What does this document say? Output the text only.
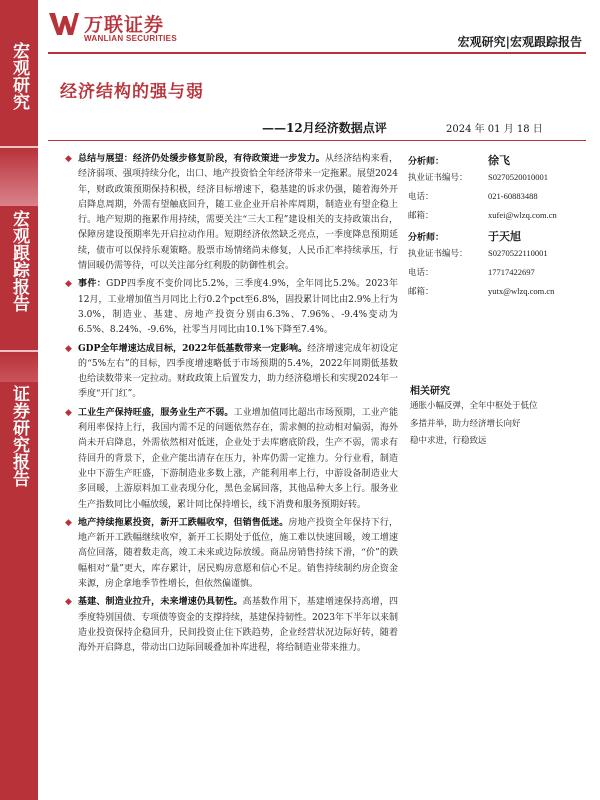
宏观研究
宏观跟踪报告
证券研究报告
万联证券
WANLIAN SECURITIES	宏观研究|宏观跟踪报告
经济结构的强与弱
——12月经济数据点评	2024 年 01 月 18 日
◆ 总结与展望：经济仍处缓步修复阶段，有待政策进一步发力。从经济结构来看，经济弱项、强项持续分化，出口、地产投资恰全年经济带来一定拖累。展望2024年，财政政策预期保持积极，经济目标增速下，稳基建的诉求仍强，随着海外开启降息周期，外需有望触底回升，随工业企业开启补库周期，制造业有望企稳上行。地产短期的拖累作用持续，需要关注“三大工程”建设相关的支持政策出台，保障房建设预期率先开启拉动作用。短期经济依然缺乏亮点，一季度降息预期延续，债市可以保持乐观策略。股票市场情绪尚未修复，人民币汇率持续承压，行情回暖仍需等待，可以关注部分红利股的防御性机会。
◆ 事件：GDP四季度不变价同比5.2%，三季度4.9%，全年同比5.2%。2023年12月，工业增加值当月同比上行0.2个pct至6.8%，固投累计同比由2.9%上行为3.0%，制造业、基建、房地产投资分别由6.3%、7.96%、-9.4%变动为6.5%、8.24%、-9.6%，社零当月同比由10.1%下降至7.4%。
◆ GDP全年增速达成目标，2022年低基数带来一定影响。经济增速完成年初设定的“5%左右”的目标，四季度增速略低于市场预期的5.4%，2022年同期低基数也给读数带来一定拉动。财政政策上后置发力，助力经济稳增长和实现2024年一季度“开门红”。
◆ 工业生产保持旺盛，服务业生产不弱。工业增加值同比超出市场预期，工业产能利用率保持上行，我国内需不足的问题依然存在，需求侧的拉动相对偏弱，海外尚未开启降息，外需依然相对低迷，企业处于去库磨底阶段，生产不弱，需求有待回升的背景下，企业产能出清存在压力，补库仍需一定推力。分行业看，制造业中下游生产旺盛，下游制造业多数上涨，产能利用率上行，中游设备制造业大多回暖，上游原料加工业表现分化，黑色金属回落，其他品种大多上行。服务业生产指数同比小幅放缓，累计同比保持增长，线下消费和服务预期好转。
◆ 地产持续拖累投资，新开工跌幅收窄，但销售低迷。房地产投资全年保持下行，地产新开工跌幅继续收窄，新开工长期处于低位，施工难以快速回暖，竣工增速高位回落，随着数走高，竣工未来或边际放缓。商品房销售持续下滑，“价”的跌幅相对“量”更大，库存累计，居民购房意愿和信心不足。销售持续制约房企资金来源，房企拿地季节性增长，但依然偏谨慎。
◆ 基建、制造业拉升，未来增速仍具韧性。高基数作用下，基建增速保持高增，四季度特别国债、专项债等资金的支撑持续，基建保持韧性。2023年下半年以来制造业投资保持企稳回升，民间投资止住下跌趋势，企业经营状况边际好转，随着海外开启降息，带动出口边际回暖叠加补库进程，将给制造业带来推力。
分析师：	徐飞
执业证书编号：	S0270520010001
电话：	021-60883488
邮箱：	xufei@wlzq.com.cn
分析师：	于天旭
执业证书编号：	S0270522110001
电话：	17717422697
邮箱：	yutx@wlzq.com.cn
相关研究
通胀小幅反弹，全年中枢处于低位
多措并举，助力经济增长向好
稳中求进，行稳致远
